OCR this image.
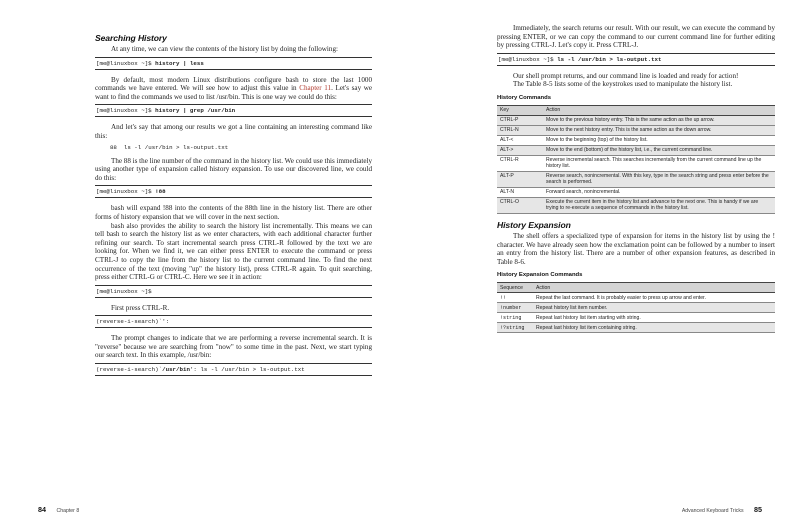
Searching History

At any time, we can view the contents of the history list by doing the following:

[me@linuxbox ~]$ history | less

By default, most modern Linux distributions configure bash to store the last 1000 commands we have entered. We will see how to adjust this value in Chapter 11. Let's say we want to find the commands we used to list /usr/bin. This is one way we could do this:

[me@linuxbox ~]$ history | grep /usr/bin

And let's say that among our results we got a line containing an interesting command like this:

88  ls -l /usr/bin > ls-output.txt

The 88 is the line number of the command in the history list. We could use this immediately using another type of expansion called history expansion. To use our discovered line, we could do this:

[me@linuxbox ~]$ !88

bash will expand !88 into the contents of the 88th line in the history list. There are other forms of history expansion that we will cover in the next section.

bash also provides the ability to search the history list incrementally. This means we can tell bash to search the history list as we enter characters, with each additional character further refining our search. To start incremental search press CTRL-R followed by the text we are looking for. When we find it, we can either press ENTER to execute the command or press CTRL-J to copy the line from the history list to the current command line. To find the next occurrence of the text (moving "up" the history list), press CTRL-R again. To quit searching, press either CTRL-G or CTRL-C. Here we see it in action:

[me@linuxbox ~]$

First press CTRL-R.

(reverse-i-search)`':

The prompt changes to indicate that we are performing a reverse incremental search. It is "reverse" because we are searching from "now" to some time in the past. Next, we start typing our search text. In this example, /usr/bin:

(reverse-i-search)`/usr/bin': ls -l /usr/bin > ls-output.txt
84 Chapter 8

Immediately, the search returns our result. With our result, we can execute the command by pressing ENTER, or we can copy the command to our current command line for further editing by pressing CTRL-J. Let's copy it. Press CTRL-J.

[me@linuxbox ~]$ ls -l /usr/bin > ls-output.txt

Our shell prompt returns, and our command line is loaded and ready for action!

The Table 8-5 lists some of the keystrokes used to manipulate the history list.

History Commands
Key	Action
CTRL-P	Move to the previous history entry. This is the same action as the up arrow.
CTRL-N	Move to the next history entry. This is the same action as the down arrow.
ALT-<	Move to the beginning (top) of the history list.
ALT->	Move to the end (bottom) of the history list, i.e., the current command line.
CTRL-R	Reverse incremental search. This searches incrementally from the current command line up the history list.
ALT-P	Reverse search, nonincremental. With this key, type in the search string and press enter before the search is performed.
ALT-N	Forward search, nonincremental.
CTRL-O	Execute the current item in the history list and advance to the next one. This is handy if we are trying to re-execute a sequence of commands in the history list.
History Expansion

The shell offers a specialized type of expansion for items in the history list by using the ! character. We have already seen how the exclamation point can be followed by a number to insert an entry from the history list. There are a number of other expansion features, as described in Table 8-6.

History Expansion Commands
Sequence	Action
!!	Repeat the last command. It is probably easier to press up arrow and enter.
!number	Repeat history list item number.
!string	Repeat last history list item starting with string.
!?string	Repeat last history list item containing string.
Advanced Keyboard Tricks 85
